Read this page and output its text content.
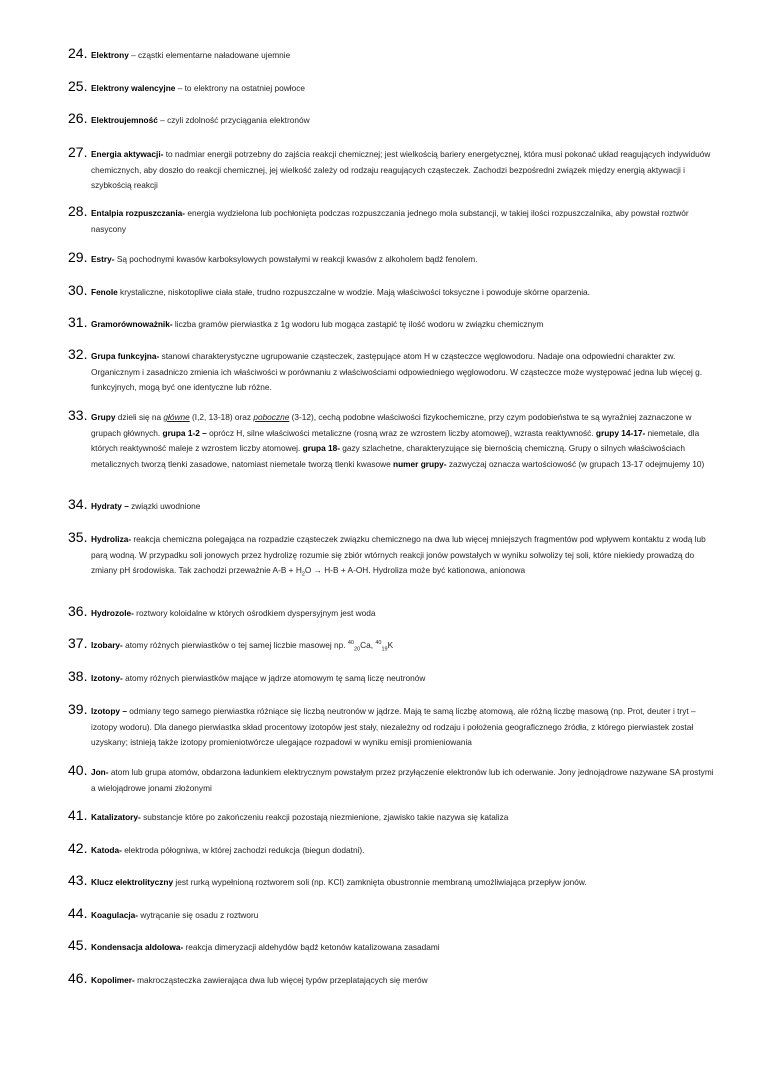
24. Elektrony – cząstki elementarne naładowane ujemnie
25. Elektrony walencyjne – to elektrony na ostatniej powłoce
26. Elektroujemność – czyli zdolność przyciągania elektronów
27. Energia aktywacji- to nadmiar energii potrzebny do zajścia reakcji chemicznej; jest wielkością bariery energetycznej, która musi pokonać układ reagujących indywiduów chemicznych, aby doszło do reakcji chemicznej, jej wielkość zależy od rodzaju reagujących cząsteczek. Zachodzi bezpośredni związek między energią aktywacji i szybkością reakcji
28. Entalpia rozpuszczania- energia wydzielona lub pochłonięta podczas rozpuszczania jednego mola substancji, w takiej ilości rozpuszczalnika, aby powstał roztwór nasycony
29. Estry- Są pochodnymi kwasów karboksylowych powstałymi w reakcji kwasów z alkoholem bądź fenolem.
30. Fenole krystaliczne, niskotopliwe ciała stałe, trudno rozpuszczalne w wodzie. Mają właściwości toksyczne i powoduje skórne oparzenia.
31. Gramorównoważnik- liczba gramów pierwiastka z 1g wodoru lub mogąca zastąpić tę ilość wodoru w związku chemicznym
32. Grupa funkcyjna- stanowi charakterystyczne ugrupowanie cząsteczek, zastępujące atom H w cząsteczce węglowodoru. Nadaje ona odpowiedni charakter zw. Organicznym i zasadniczo zmienia ich właściwości w porównaniu z właściwościami odpowiedniego węglowodoru. W cząsteczce może występować jedna lub więcej g. funkcyjnych, mogą być one identyczne lub różne.
33. Grupy dzieli się na główne (I,2, 13-18) oraz poboczne (3-12), cechą podobne właściwości fizykochemiczne, przy czym podobieństwa te są wyraźniej zaznaczone w grupach głównych. grupa 1-2 – oprócz H, silne właściwości metaliczne (rosną wraz ze wzrostem liczby atomowej), wzrasta reaktywność. grupy 14-17- niemetale, dla których reaktywność maleje z wzrostem liczby atomowej. grupa 18- gazy szlachetne, charakteryzujące się biernością chemiczną. Grupy o silnych właściwościach metalicznych tworzą tlenki zasadowe, natomiast niemetale tworzą tlenki kwasowe numer grupy- zazwyczaj oznacza wartościowość (w grupach 13-17 odejmujemy 10)
34. Hydraty – związki uwodnione
35. Hydroliza- reakcja chemiczna polegająca na rozpadzie cząsteczek związku chemicznego na dwa lub więcej mniejszych fragmentów pod wpływem kontaktu z wodą lub parą wodną. W przypadku soli jonowych przez hydrolizę rozumie się zbiór wtórnych reakcji jonów powstałych w wyniku solwolizy tej soli, które niekiedy prowadzą do zmiany pH środowiska. Tak zachodzi przeważnie $A-B + H_2O \to H-B + A-OH$. Hydroliza może być kationowa, anionowa
36. Hydrozole- roztwory koloidalne w których ośrodkiem dyspersyjnym jest woda
37. Izobary- atomy różnych pierwiastków o tej samej liczbie masowej np. $^{40}_{20}$Ca, $^{40}_{19}$K
38. Izotony- atomy różnych pierwiastków mające w jądrze atomowym tę samą liczę neutronów
39. Izotopy – odmiany tego samego pierwiastka różniące się liczbą neutronów w jądrze. Mają te samą liczbę atomową, ale różną liczbę masową (np. Prot, deuter i tryt – izotopy wodoru). Dla danego pierwiastka skład procentowy izotopów jest stały, niezależny od rodzaju i położenia geograficznego źródła, z którego pierwiastek został uzyskany; istnieją także izotopy promieniotwórcze ulegające rozpadowi w wyniku emisji promieniowania
40. Jon- atom lub grupa atomów, obdarzona ładunkiem elektrycznym powstałym przez przyłączenie elektronów lub ich oderwanie. Jony jednojądrowe nazywane SA prostymi a wielojądrowe jonami złożonymi
41. Katalizatory- substancje które po zakończeniu reakcji pozostają niezmienione, zjawisko takie nazywa się kataliza
42. Katoda- elektroda półogniwa, w której zachodzi redukcja (biegun dodatni).
43. Klucz elektrolityczny jest rurką wypełnioną roztworem soli (np. KCl) zamknięta obustronnie membraną umożliwiająca przepływ jonów.
44. Koagulacja- wytrącanie się osadu z roztworu
45. Kondensacja aldolowa- reakcja dimeryzacji aldehydów bądź ketonów katalizowana zasadami
46. Kopolimer- makrocząsteczka zawierająca dwa lub więcej typów przeplatających się merów
